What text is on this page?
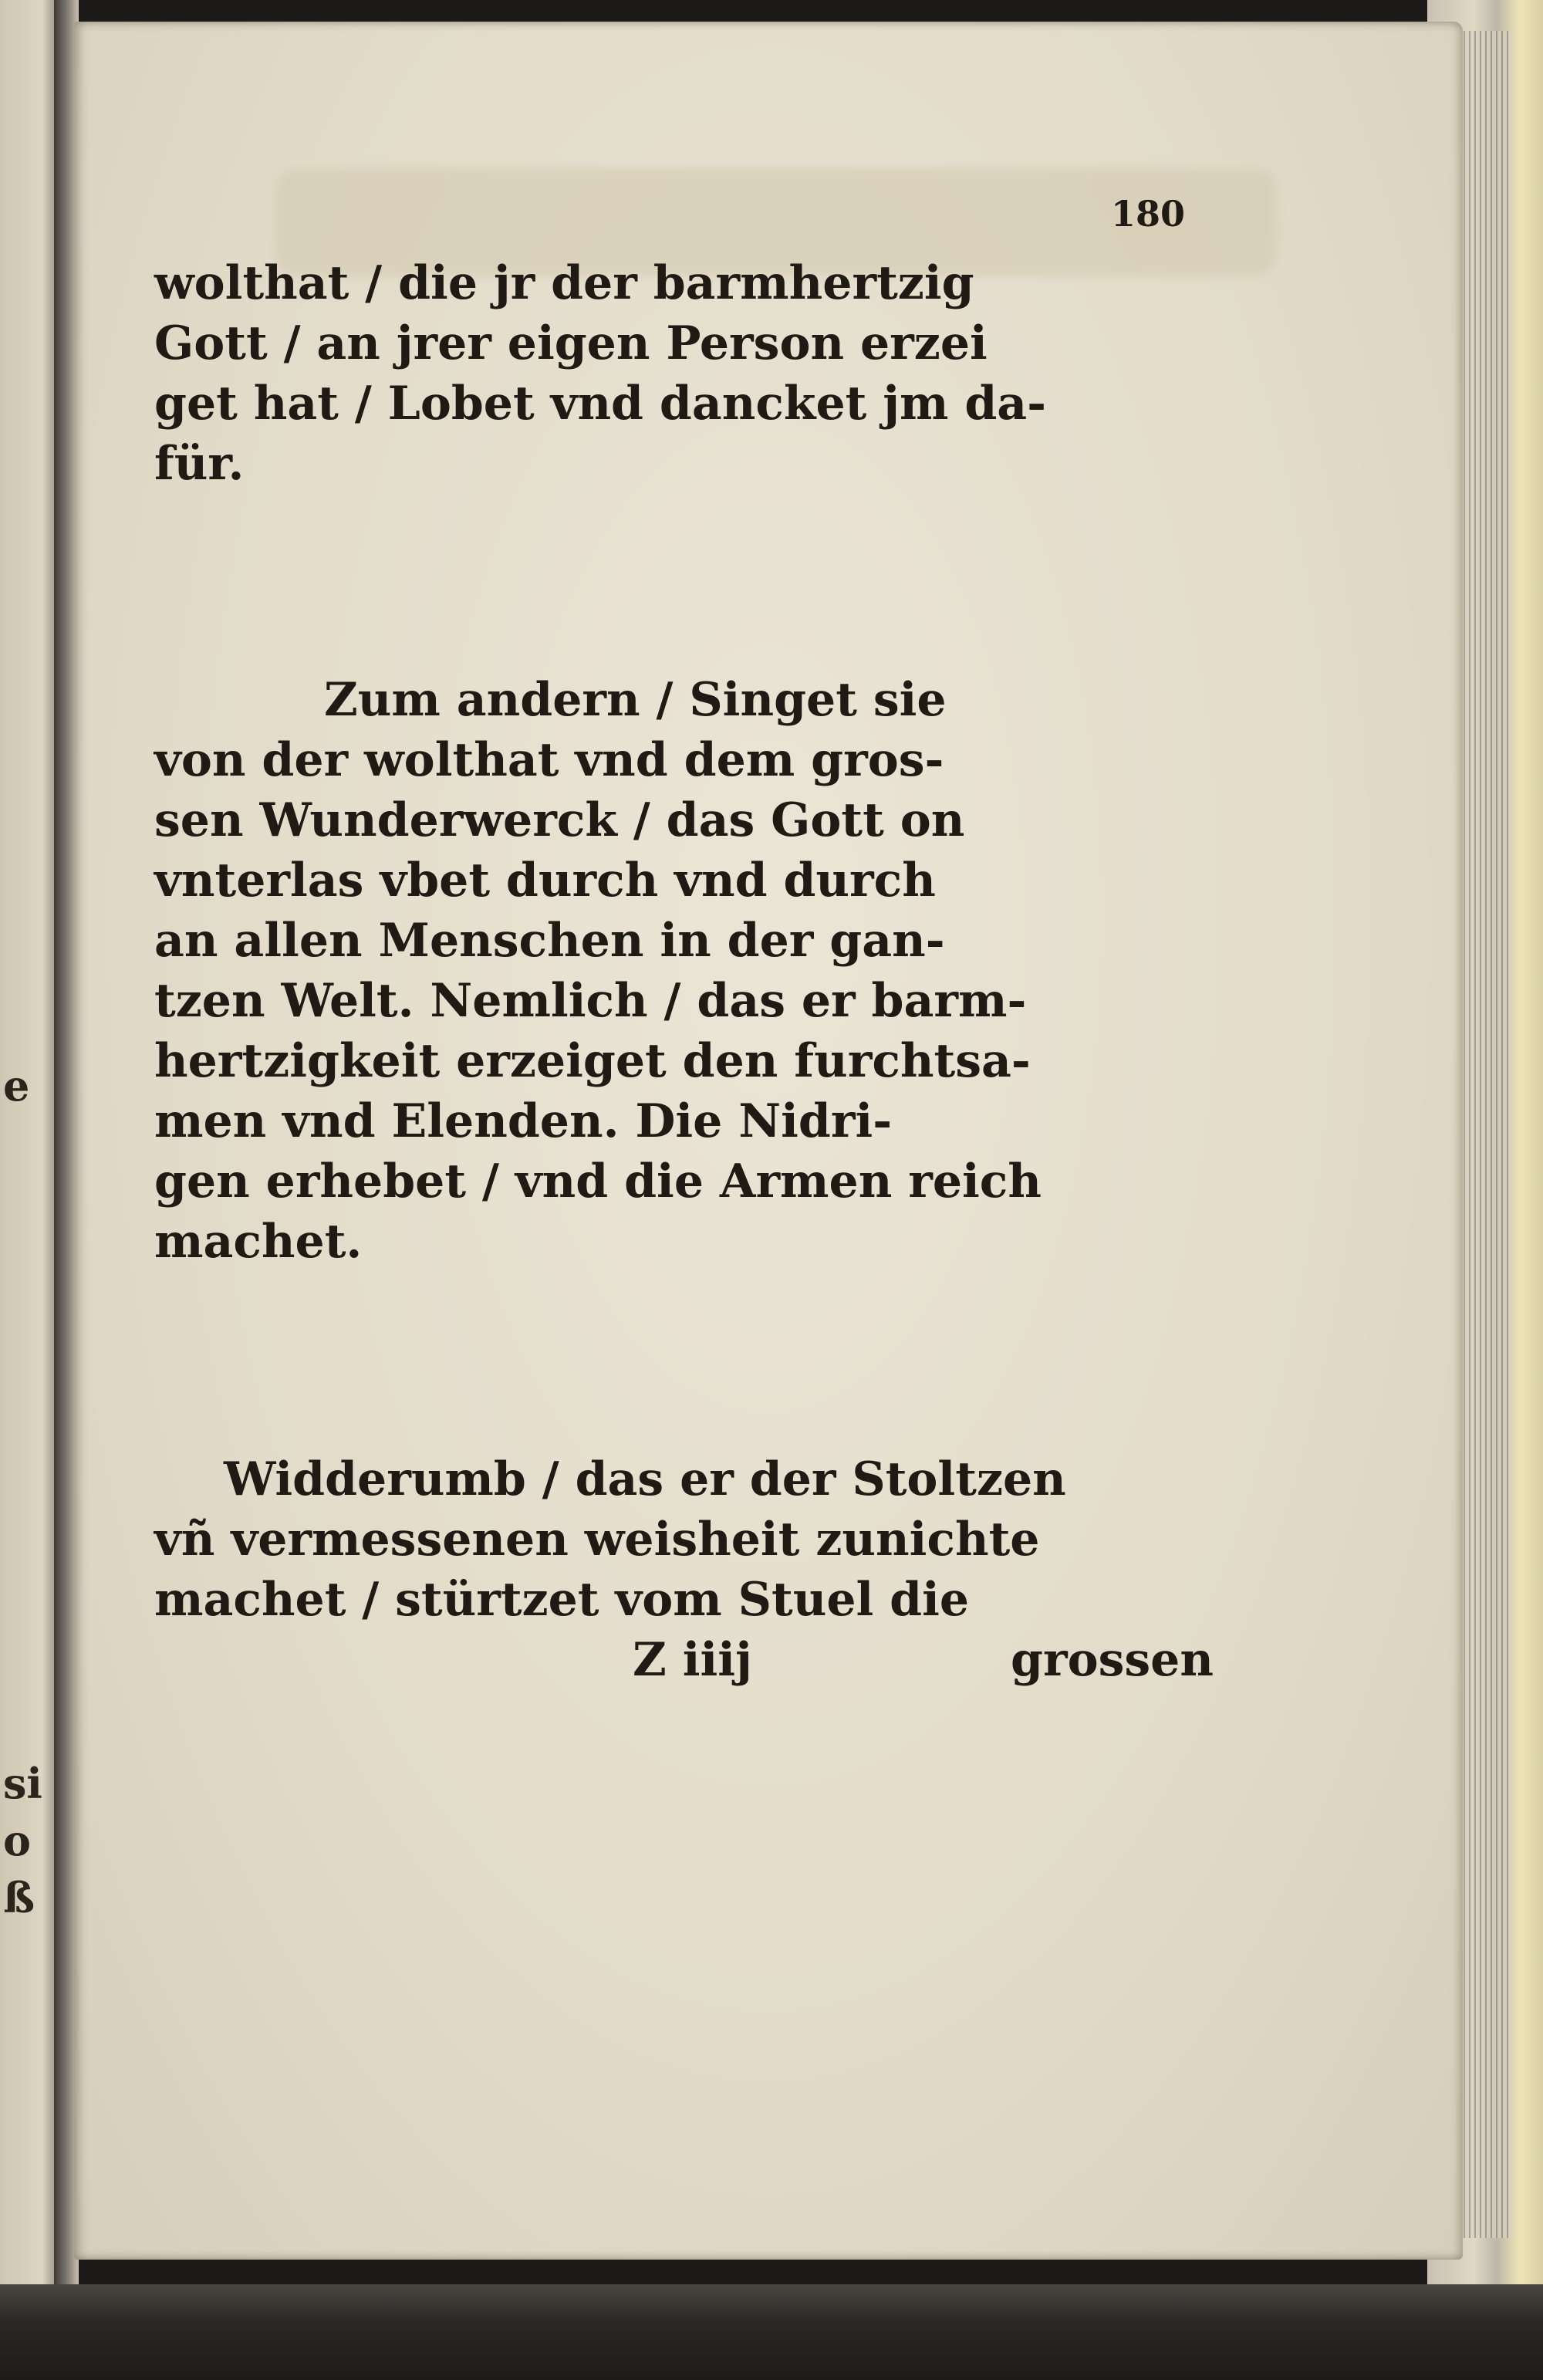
e
si
o
ß
180
wolthat / die jr der barmhertzig
Gott / an jrer eigen Person erzei
get hat / Lobet vnd dancket jm da-
für.
Zum andern / Singet sie
von der wolthat vnd dem gros-
sen Wunderwerck / das Gott on
vnterlas vbet durch vnd durch
an allen Menschen in der gan-
tzen Welt. Nemlich / das er barm-
hertzigkeit erzeiget den furchtsa-
men vnd Elenden. Die Nidri-
gen erhebet / vnd die Armen reich
machet.
Widderumb / das er der Stoltzen
vñ vermessenen weisheit zunichte
machet / stürtzet vom Stuel die
Z iiij	grossen
